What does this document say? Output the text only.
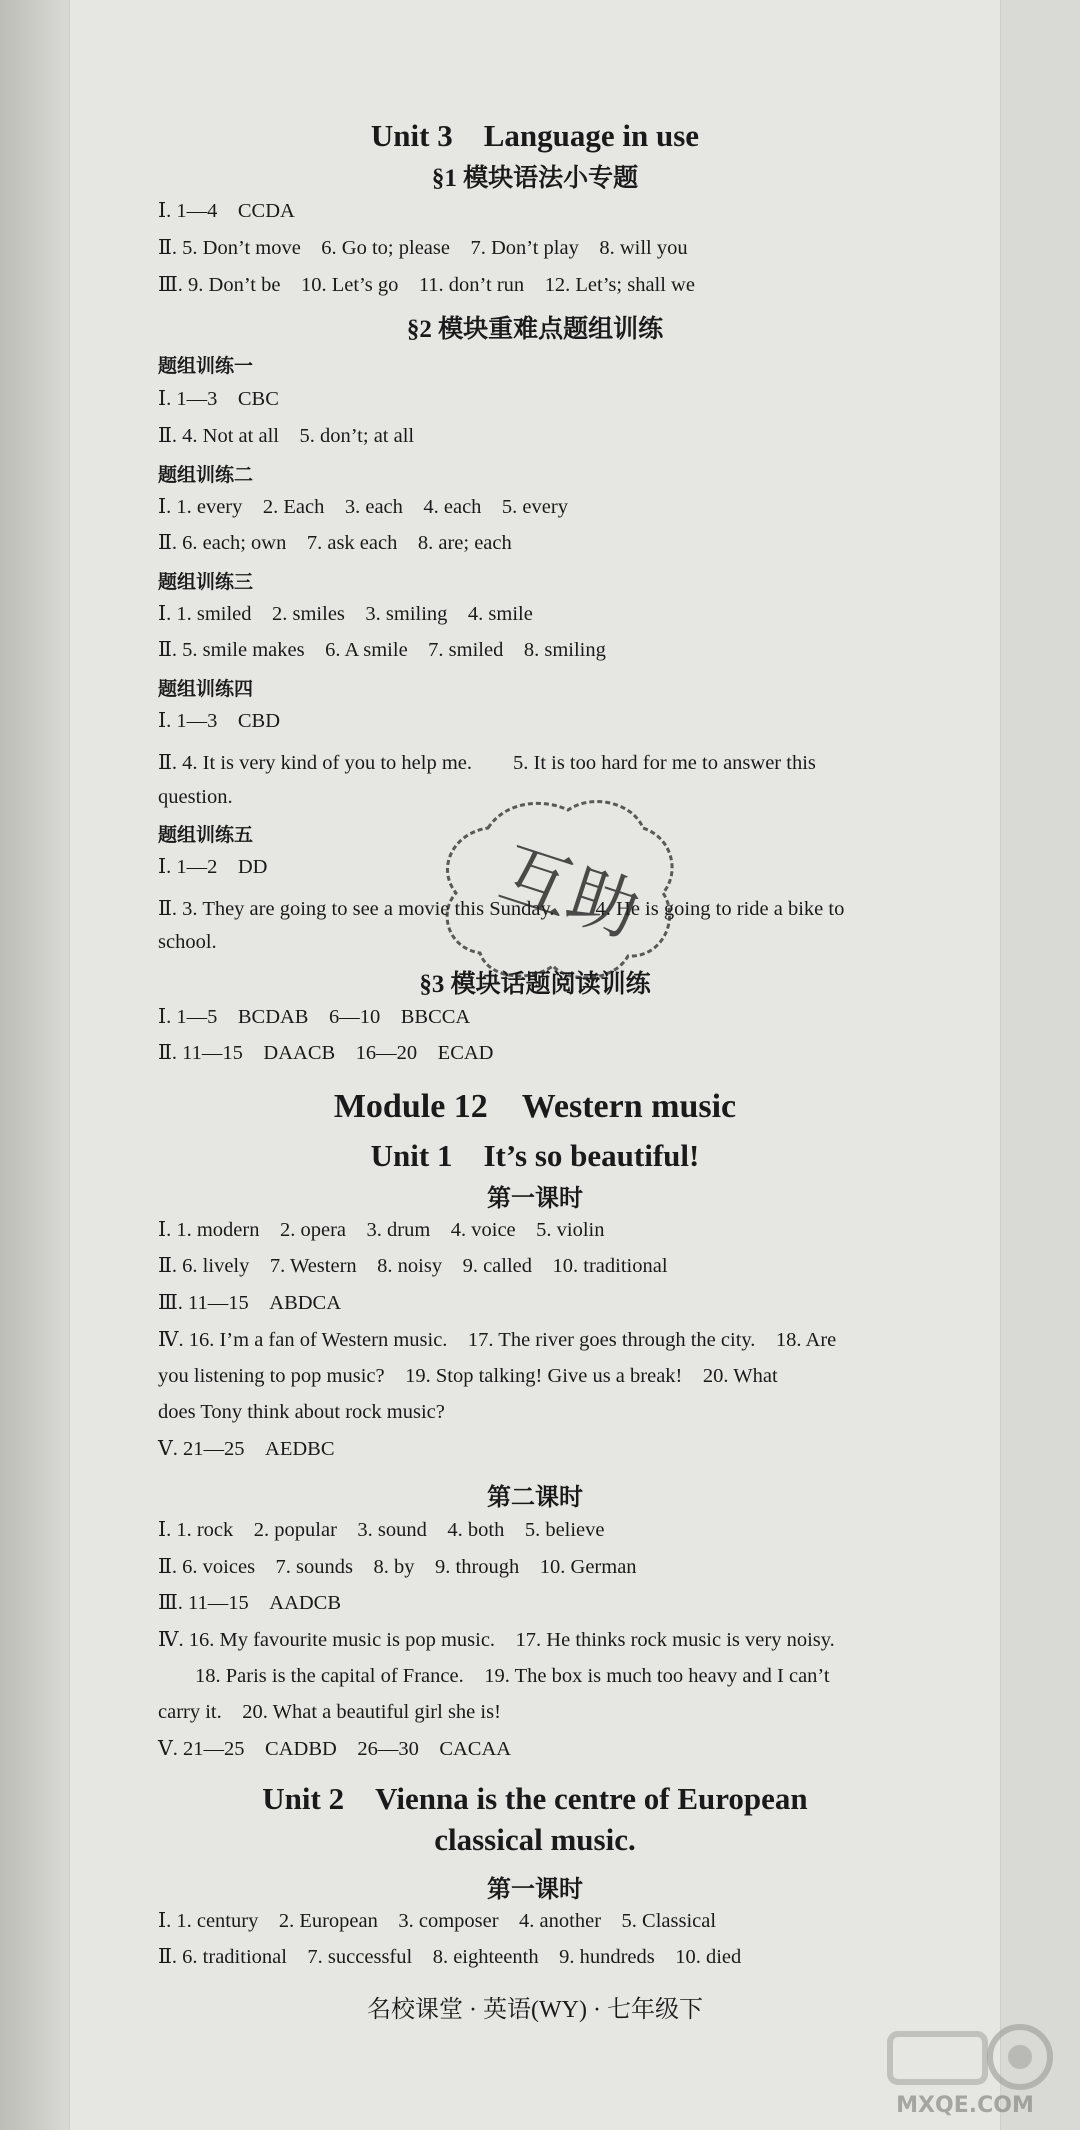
Unit 3　Language in use
§1 模块语法小专题
Ⅰ. 1—4　CCDA
Ⅱ. 5. Don’t move　6. Go to; please　7. Don’t play　8. will you
Ⅲ. 9. Don’t be　10. Let’s go　11. don’t run　12. Let’s; shall we
§2 模块重难点题组训练
题组训练一
Ⅰ. 1—3　CBC
Ⅱ. 4. Not at all　5. don’t; at all
题组训练二
Ⅰ. 1. every　2. Each　3. each　4. each　5. every
Ⅱ. 6. each; own　7. ask each　8. are; each
题组训练三
Ⅰ. 1. smiled　2. smiles　3. smiling　4. smile
Ⅱ. 5. smile makes　6. A smile　7. smiled　8. smiling
题组训练四
Ⅰ. 1—3　CBD
Ⅱ. 4. It is very kind of you to help me.　　5. It is too hard for me to answer this
question.
题组训练五
Ⅰ. 1—2　DD
Ⅱ. 3. They are going to see a movie this Sunday.　　4. He is going to ride a bike to
school.
§3 模块话题阅读训练
Ⅰ. 1—5　BCDAB　6—10　BBCCA
Ⅱ. 11—15　DAACB　16—20　ECAD
Module 12　Western music
Unit 1　It’s so beautiful!
第一课时
Ⅰ. 1. modern　2. opera　3. drum　4. voice　5. violin
Ⅱ. 6. lively　7. Western　8. noisy　9. called　10. traditional
Ⅲ. 11—15　ABDCA
Ⅳ. 16. I’m a fan of Western music.　17. The river goes through the city.　18. Are
you listening to pop music?　19. Stop talking! Give us a break!　20. What
does Tony think about rock music?
Ⅴ. 21—25　AEDBC
第二课时
Ⅰ. 1. rock　2. popular　3. sound　4. both　5. believe
Ⅱ. 6. voices　7. sounds　8. by　9. through　10. German
Ⅲ. 11—15　AADCB
Ⅳ. 16. My favourite music is pop music.　17. He thinks rock music is very noisy.
18. Paris is the capital of France.　19. The box is much too heavy and I can’t
carry it.　20. What a beautiful girl she is!
Ⅴ. 21—25　CADBD　26—30　CACAA
Unit 2　Vienna is the centre of European
classical music.
第一课时
Ⅰ. 1. century　2. European　3. composer　4. another　5. Classical
Ⅱ. 6. traditional　7. successful　8. eighteenth　9. hundreds　10. died
名校课堂 · 英语(WY) · 七年级下
互助
MXQE.COM
